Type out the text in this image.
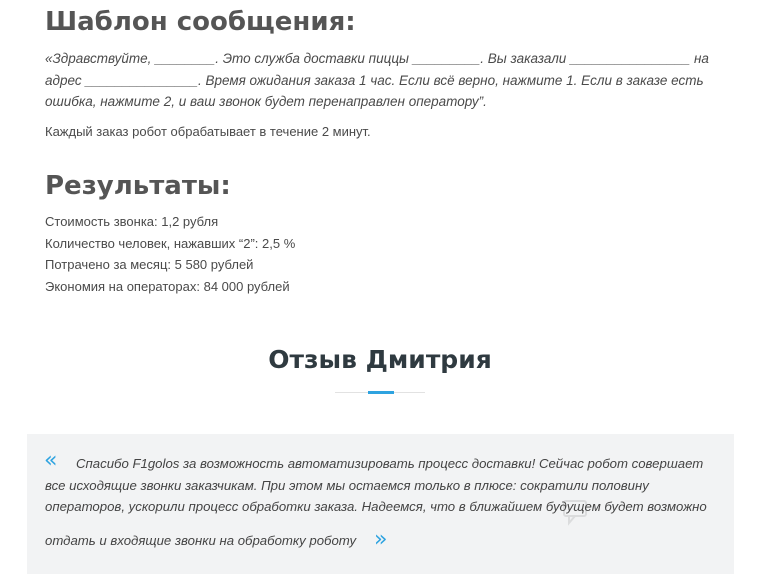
Шаблон сообщения:

«Здравствуйте, ________. Это служба доставки пиццы _________. Вы заказали ________________ на адрес _______________. Время ожидания заказа 1 час. Если всё верно, нажмите 1. Если в заказе есть ошибка, нажмите 2, и ваш звонок будет перенаправлен оператору”.

Каждый заказ робот обрабатывает в течение 2 минут.

Результаты:
Стоимость звонка: 1,2 рубля
Количество человек, нажавших “2”: 2,5 %
Потрачено за месяц: 5 580 рублей
Экономия на операторах: 84 000 рублей
Отзыв Дмитрия
«	Спасибо F1golos за возможность автоматизировать процесс доставки! Сейчас робот совершает все исходящие звонки заказчикам. При этом мы остаемся только в плюсе: сократили половину операторов, ускорили процесс обработки заказа. Надеемся, что в ближайшем будущем будет возможно

отдать и входящие звонки на обработку роботу »
